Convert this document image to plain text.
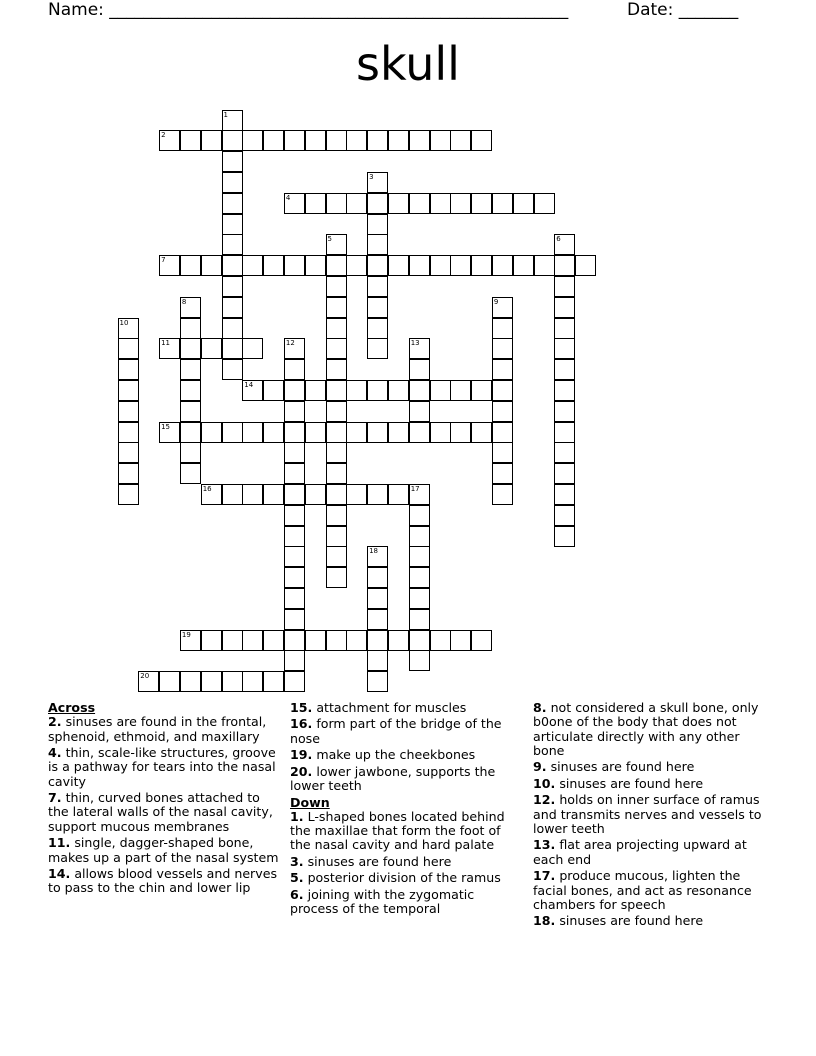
Name: ______________________________________________________	Date: _______
skull
2
4
7
11
14
15
16
19
20
1
3
5	6
8	9
10
12	13
17
18
Across
2. sinuses are found in the frontal, sphenoid, ethmoid, and maxillary
4. thin, scale-like structures, groove is a pathway for tears into the nasal cavity
7. thin, curved bones attached to the lateral walls of the nasal cavity, support mucous membranes
11. single, dagger-shaped bone, makes up a part of the nasal system
14. allows blood vessels and nerves to pass to the chin and lower lip
15. attachment for muscles
16. form part of the bridge of the nose
19. make up the cheekbones
20. lower jawbone, supports the lower teeth
Down
1. L-shaped bones located behind the maxillae that form the foot of the nasal cavity and hard palate
3. sinuses are found here
5. posterior division of the ramus
6. joining with the zygomatic process of the temporal
8. not considered a skull bone, only b0one of the body that does not articulate directly with any other bone
9. sinuses are found here
10. sinuses are found here
12. holds on inner surface of ramus and transmits nerves and vessels to lower teeth
13. flat area projecting upward at each end
17. produce mucous, lighten the facial bones, and act as resonance chambers for speech
18. sinuses are found here
